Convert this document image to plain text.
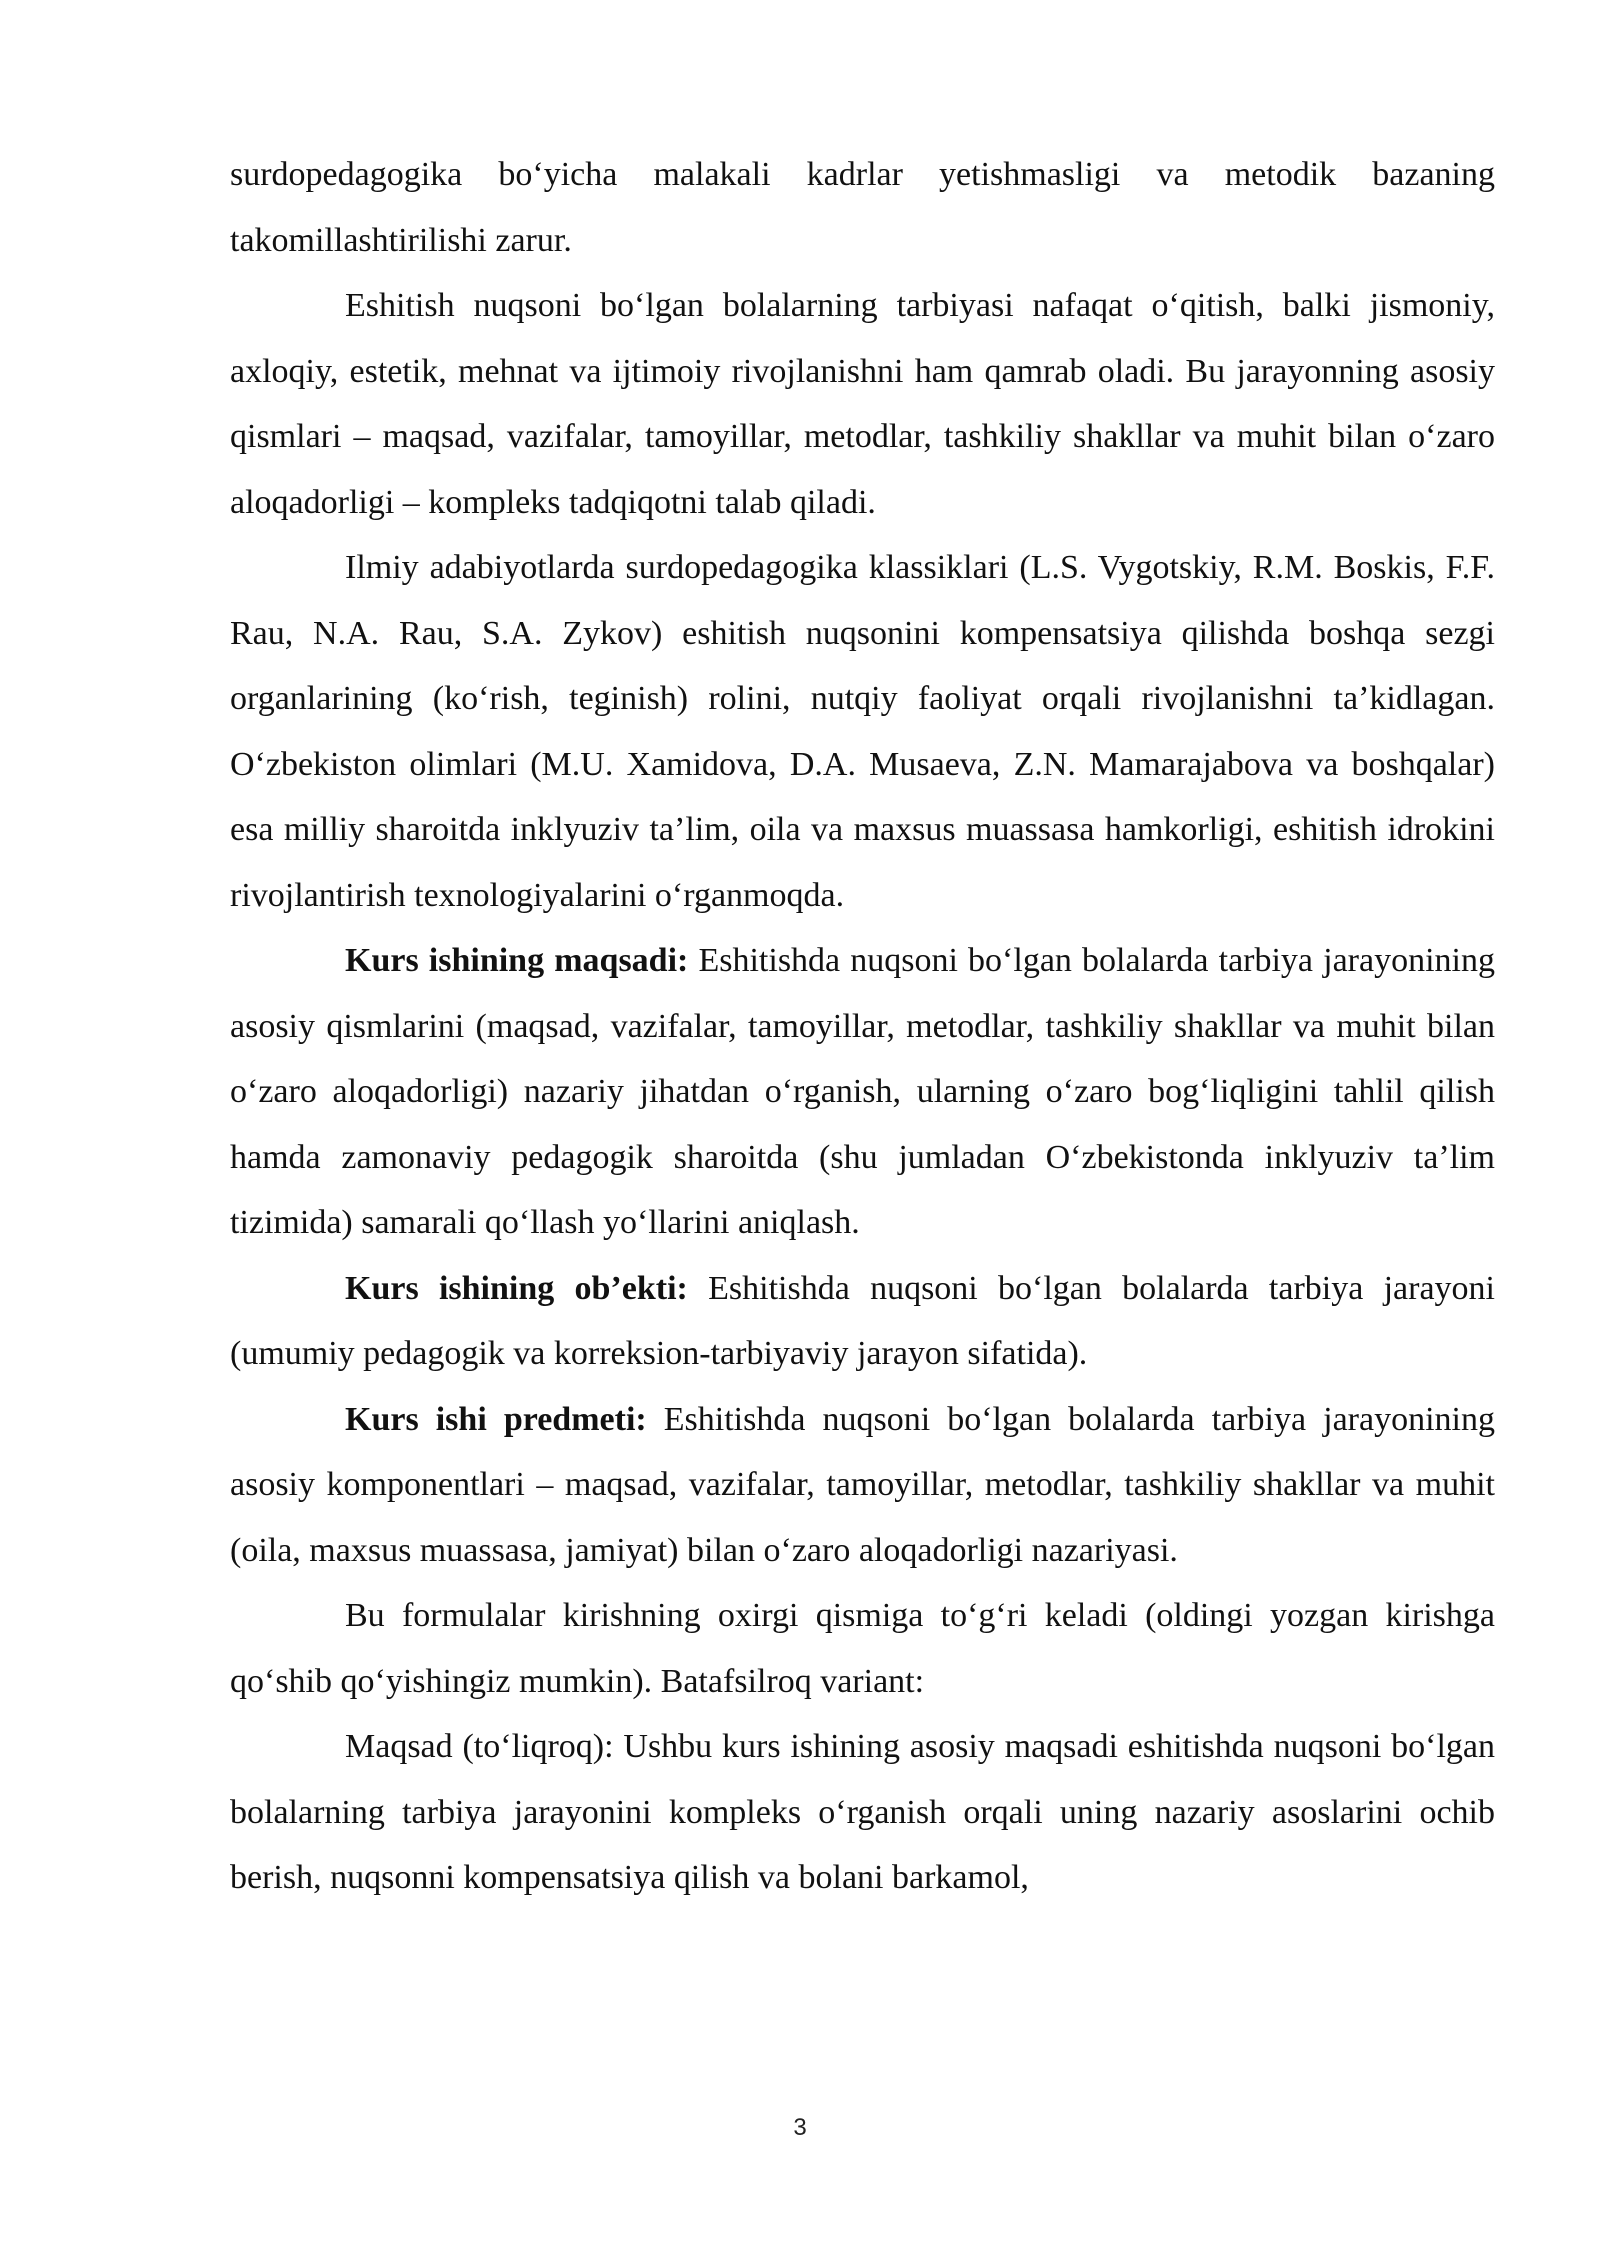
surdopedagogika bo‘yicha malakali kadrlar yetishmasligi va metodik bazaning takomillashtirilishi zarur.

Eshitish nuqsoni bo‘lgan bolalarning tarbiyasi nafaqat o‘qitish, balki jismoniy, axloqiy, estetik, mehnat va ijtimoiy rivojlanishni ham qamrab oladi. Bu jarayonning asosiy qismlari – maqsad, vazifalar, tamoyillar, metodlar, tashkiliy shakllar va muhit bilan o‘zaro aloqadorligi – kompleks tadqiqotni talab qiladi.

Ilmiy adabiyotlarda surdopedagogika klassiklari (L.S. Vygotskiy, R.M. Boskis, F.F. Rau, N.A. Rau, S.A. Zykov) eshitish nuqsonini kompensatsiya qilishda boshqa sezgi organlarining (ko‘rish, teginish) rolini, nutqiy faoliyat orqali rivojlanishni ta’kidlagan. O‘zbekiston olimlari (M.U. Xamidova, D.A. Musaeva, Z.N. Mamarajabova va boshqalar) esa milliy sharoitda inklyuziv ta’lim, oila va maxsus muassasa hamkorligi, eshitish idrokini rivojlantirish texnologiyalarini o‘rganmoqda.

Kurs ishining maqsadi: Eshitishda nuqsoni bo‘lgan bolalarda tarbiya jarayonining asosiy qismlarini (maqsad, vazifalar, tamoyillar, metodlar, tashkiliy shakllar va muhit bilan o‘zaro aloqadorligi) nazariy jihatdan o‘rganish, ularning o‘zaro bog‘liqligini tahlil qilish hamda zamonaviy pedagogik sharoitda (shu jumladan O‘zbekistonda inklyuziv ta’lim tizimida) samarali qo‘llash yo‘llarini aniqlash.

Kurs ishining ob’ekti: Eshitishda nuqsoni bo‘lgan bolalarda tarbiya jarayoni (umumiy pedagogik va korreksion-tarbiyaviy jarayon sifatida).

Kurs ishi predmeti: Eshitishda nuqsoni bo‘lgan bolalarda tarbiya jarayonining asosiy komponentlari – maqsad, vazifalar, tamoyillar, metodlar, tashkiliy shakllar va muhit (oila, maxsus muassasa, jamiyat) bilan o‘zaro aloqadorligi nazariyasi.

Bu formulalar kirishning oxirgi qismiga to‘g‘ri keladi (oldingi yozgan kirishga qo‘shib qo‘yishingiz mumkin). Batafsilroq variant:

Maqsad (to‘liqroq): Ushbu kurs ishining asosiy maqsadi eshitishda nuqsoni bo‘lgan bolalarning tarbiya jarayonini kompleks o‘rganish orqali uning nazariy asoslarini ochib berish, nuqsonni kompensatsiya qilish va bolani barkamol,

3
